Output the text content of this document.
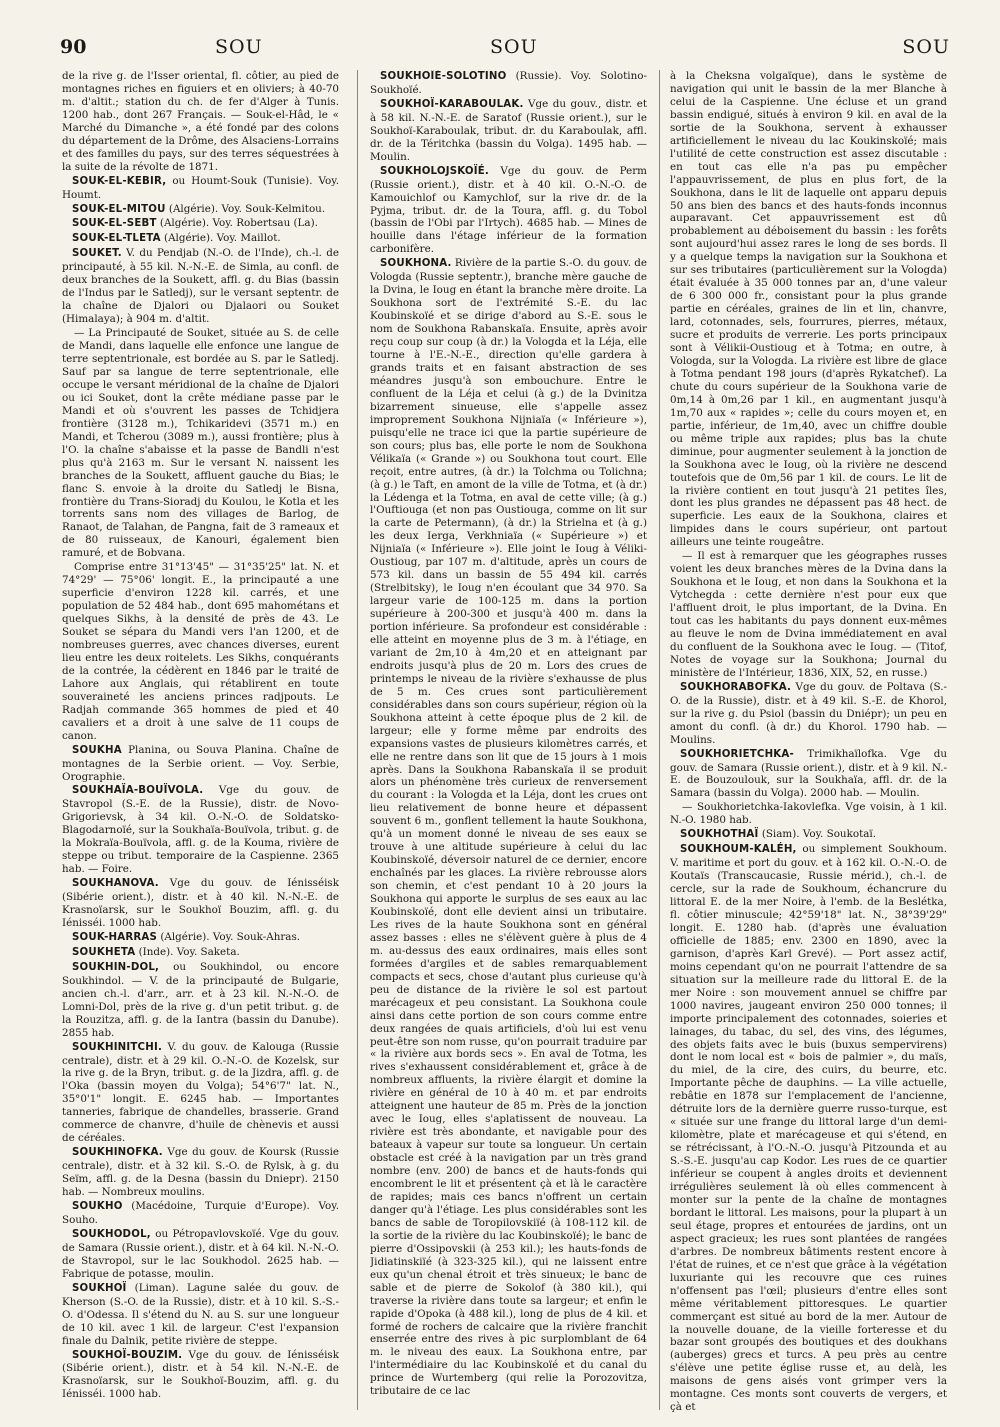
90	SOU	SOU	SOU

de la rive g. de l'Isser oriental, fl. côtier, au pied de montagnes riches en figuiers et en oliviers; à 40-70 m. d'altit.; station du ch. de fer d'Alger à Tunis. 1200 hab., dont 267 Français. — Souk-el-Hâd, le « Marché du Dimanche », a été fondé par des colons du département de la Drôme, des Alsaciens-Lorrains et des familles du pays, sur des terres séquestrées à la suite de la révolte de 1871.

SOUK-EL-KEBIR, ou Houmt-Souk (Tunisie). Voy. Houmt.

SOUK-EL-MITOU (Algérie). Voy. Souk-Kelmitou.

SOUK-EL-SEBT (Algérie). Voy. Robertsau (La).

SOUK-EL-TLETA (Algérie). Voy. Maillot.

SOUKET. V. du Pendjab (N.-O. de l'Inde), ch.-l. de principauté, à 55 kil. N.-N.-E. de Simla, au confl. de deux branches de la Soukett, affl. g. du Bias (bassin de l'Indus par le Satledj), sur le versant septentr. de la chaîne de Djalori ou Djalaori ou Souket (Himalaya); à 904 m. d'altit.

— La Principauté de Souket, située au S. de celle de Mandi, dans laquelle elle enfonce une langue de terre septentrionale, est bordée au S. par le Satledj. Sauf par sa langue de terre septentrionale, elle occupe le versant méridional de la chaîne de Djalori ou ici Souket, dont la crête médiane passe par le Mandi et où s'ouvrent les passes de Tchidjera frontière (3128 m.), Tchikaridevi (3571 m.) en Mandi, et Tcherou (3089 m.), aussi frontière; plus à l'O. la chaîne s'abaisse et la passe de Bandli n'est plus qu'à 2163 m. Sur le versant N. naissent les branches de la Soukett, affluent gauche du Bias; le flanc S. envoie à la droite du Satledj le Bisna, frontière du Trans-Sioradj du Koulou, le Kotla et les torrents sans nom des villages de Barlog, de Ranaot, de Talahan, de Pangna, fait de 3 rameaux et de 80 ruisseaux, de Kanouri, également bien ramuré, et de Bobvana.

Comprise entre 31°13'45" — 31°35'25" lat. N. et 74°29' — 75°06' longit. E., la principauté a une superficie d'environ 1228 kil. carrés, et une population de 52 484 hab., dont 695 mahométans et quelques Sikhs, à la densité de près de 43. Le Souket se sépara du Mandi vers l'an 1200, et de nombreuses guerres, avec chances diverses, eurent lieu entre les deux roitelets. Les Sikhs, conquérants de la contrée, la cédèrent en 1846 par le traité de Lahore aux Anglais, qui rétablirent en toute souveraineté les anciens princes radjpouts. Le Radjah commande 365 hommes de pied et 40 cavaliers et a droit à une salve de 11 coups de canon.

SOUKHA Planina, ou Souva Planina. Chaîne de montagnes de la Serbie orient. — Voy. Serbie, Orographie.

SOUKHAÏA-BOUÏVOLA. Vge du gouv. de Stavropol (S.-E. de la Russie), distr. de Novo-Grigorievsk, à 34 kil. O.-N.-O. de Soldatsko-Blagodarnoïé, sur la Soukhaïa-Bouïvola, tribut. g. de la Mokraïa-Bouïvola, affl. g. de la Kouma, rivière de steppe ou tribut. temporaire de la Caspienne. 2365 hab. — Foire.

SOUKHANOVA. Vge du gouv. de Iénisséisk (Sibérie orient.), distr. et à 40 kil. N.-N.-E. de Krasnoïarsk, sur le Soukhoï Bouzim, affl. g. du Iénisséi. 1000 hab.

SOUK-HARRAS (Algérie). Voy. Souk-Ahras.

SOUKHETA (Inde). Voy. Saketa.

SOUKHIN-DOL, ou Soukhindol, ou encore Soukhindol. — V. de la principauté de Bulgarie, ancien ch.-l. d'arr., arr. et à 23 kil. N.-N.-O. de Lomni-Dol, près de la rive g. d'un petit tribut. g. de la Rouzitza, affl. g. de la Iantra (bassin du Danube). 2855 hab.

SOUKHINITCHI. V. du gouv. de Kalouga (Russie centrale), distr. et à 29 kil. O.-N.-O. de Kozelsk, sur la rive g. de la Bryn, tribut. g. de la Jizdra, affl. g. de l'Oka (bassin moyen du Volga); 54°6'7" lat. N., 35°0'1" longit. E. 6245 hab. — Importantes tanneries, fabrique de chandelles, brasserie. Grand commerce de chanvre, d'huile de chènevis et aussi de céréales.

SOUKHINOFKA. Vge du gouv. de Koursk (Russie centrale), distr. et à 32 kil. S.-O. de Rylsk, à g. du Seïm, affl. g. de la Desna (bassin du Dniepr). 2150 hab. — Nombreux moulins.

SOUKHO (Macédoine, Turquie d'Europe). Voy. Souho.

SOUKHODOL, ou Pétropavlovskoïé. Vge du gouv. de Samara (Russie orient.), distr. et à 64 kil. N.-N.-O. de Stavropol, sur le lac Soukhodol. 2625 hab. — Fabrique de potasse, moulin.

SOUKHOÏ (Liman). Lagune salée du gouv. de Kherson (S.-O. de la Russie), distr. et à 10 kil. S.-S.-O. d'Odessa. Il s'étend du N. au S. sur une longueur de 10 kil. avec 1 kil. de largeur. C'est l'expansion finale du Dalnik, petite rivière de steppe.

SOUKHOÏ-BOUZIM. Vge du gouv. de Iénisséisk (Sibérie orient.), distr. et à 54 kil. N.-N.-E. de Krasnoïarsk, sur le Soukhoï-Bouzim, affl. g. du Iénisséi. 1000 hab.

SOUKHOÏÉ-SOLOTINO (Russie). Voy. Solotino-Soukhoïé.

SOUKHOÏ-KARABOULAK. Vge du gouv., distr. et à 58 kil. N.-N.-E. de Saratof (Russie orient.), sur le Soukhoï-Karaboulak, tribut. dr. du Karaboulak, affl. dr. de la Téritchka (bassin du Volga). 1495 hab. — Moulin.

SOUKHOLOJSKOÏÉ. Vge du gouv. de Perm (Russie orient.), distr. et à 40 kil. O.-N.-O. de Kamouichlof ou Kamychlof, sur la rive dr. de la Pyjma, tribut. dr. de la Toura, affl. g. du Tobol (bassin de l'Obi par l'Irtych). 4685 hab. — Mines de houille dans l'étage inférieur de la formation carbonifère.

SOUKHONA. Rivière de la partie S.-O. du gouv. de Vologda (Russie septentr.), branche mère gauche de la Dvina, le Ioug en étant la branche mère droite. La Soukhona sort de l'extrémité S.-E. du lac Koubinskoïé et se dirige d'abord au S.-E. sous le nom de Soukhona Rabanskaïa. Ensuite, après avoir reçu coup sur coup (à dr.) la Vologda et la Léja, elle tourne à l'E.-N.-E., direction qu'elle gardera à grands traits et en faisant abstraction de ses méandres jusqu'à son embouchure. Entre le confluent de la Léja et celui (à g.) de la Dvinitza bizarrement sinueuse, elle s'appelle assez improprement Soukhona Nijniaïa (« Inférieure »), puisqu'elle ne trace ici que la partie supérieure de son cours; plus bas, elle porte le nom de Soukhona Vélikaïa (« Grande ») ou Soukhona tout court. Elle reçoit, entre autres, (à dr.) la Tolchma ou Tolichna; (à g.) le Taft, en amont de la ville de Totma, et (à dr.) la Lédenga et la Totma, en aval de cette ville; (à g.) l'Ouftiouga (et non pas Oustiouga, comme on lit sur la carte de Petermann), (à dr.) la Strielna et (à g.) les deux Ierga, Verkhniaïa (« Supérieure ») et Nijniaïa (« Inférieure »). Elle joint le Ioug à Véliki-Oustioug, par 107 m. d'altitude, après un cours de 573 kil. dans un bassin de 55 494 kil. carrés (Strelbitsky), le Ioug n'en écoulant que 34 970. Sa largeur varie de 100-125 m. dans la portion supérieure à 200-300 et jusqu'à 400 m. dans la portion inférieure. Sa profondeur est considérable : elle atteint en moyenne plus de 3 m. à l'étiage, en variant de 2m,10 à 4m,20 et en atteignant par endroits jusqu'à plus de 20 m. Lors des crues de printemps le niveau de la rivière s'exhausse de plus de 5 m. Ces crues sont particulièrement considérables dans son cours supérieur, région où la Soukhona atteint à cette époque plus de 2 kil. de largeur; elle y forme même par endroits des expansions vastes de plusieurs kilomètres carrés, et elle ne rentre dans son lit que de 15 jours à 1 mois après. Dans la Soukhona Rabanskaïa il se produit alors un phénomène très curieux de renversement du courant : la Vologda et la Léja, dont les crues ont lieu relativement de bonne heure et dépassent souvent 6 m., gonflent tellement la haute Soukhona, qu'à un moment donné le niveau de ses eaux se trouve à une altitude supérieure à celui du lac Koubinskoïé, déversoir naturel de ce dernier, encore enchaînés par les glaces. La rivière rebrousse alors son chemin, et c'est pendant 10 à 20 jours la Soukhona qui apporte le surplus de ses eaux au lac Koubinskoïé, dont elle devient ainsi un tributaire. Les rives de la haute Soukhona sont en général assez basses : elles ne s'élèvent guère à plus de 4 m. au-dessus des eaux ordinaires, mais elles sont formées d'argiles et de sables remarquablement compacts et secs, chose d'autant plus curieuse qu'à peu de distance de la rivière le sol est partout marécageux et peu consistant. La Soukhona coule ainsi dans cette portion de son cours comme entre deux rangées de quais artificiels, d'où lui est venu peut-être son nom russe, qu'on pourrait traduire par « la rivière aux bords secs ». En aval de Totma, les rives s'exhaussent considérablement et, grâce à de nombreux affluents, la rivière élargit et domine la rivière en général de 10 à 40 m. et par endroits atteignent une hauteur de 85 m. Près de la jonction avec le Ioug, elles s'aplatissent de nouveau. La rivière est très abondante, et navigable pour des bateaux à vapeur sur toute sa longueur. Un certain obstacle est créé à la navigation par un très grand nombre (env. 200) de bancs et de hauts-fonds qui encombrent le lit et présentent çà et là le caractère de rapides; mais ces bancs n'offrent un certain danger qu'à l'étiage. Les plus considérables sont les bancs de sable de Toropilovskiïé (à 108-112 kil. de la sortie de la rivière du lac Koubinskoïé); le banc de pierre d'Ossipovskii (à 253 kil.); les hauts-fonds de Jidiatinskiïé (à 323-325 kil.), qui ne laissent entre eux qu'un chenal étroit et très sinueux; le banc de sable et de pierre de Sokolof (à 380 kil.), qui traverse la rivière dans toute sa largeur; et enfin le rapide d'Opoka (à 488 kil.), long de plus de 4 kil. et formé de rochers de calcaire que la rivière franchit enserrée entre des rives à pic surplomblant de 64 m. le niveau des eaux. La Soukhona entre, par l'intermédiaire du lac Koubinskoïé et du canal du prince de Wurtemberg (qui relie la Porozovitza, tributaire de ce lac

à la Cheksna volgaïque), dans le système de navigation qui unit le bassin de la mer Blanche à celui de la Caspienne. Une écluse et un grand bassin endigué, situés à environ 9 kil. en aval de la sortie de la Soukhona, servent à exhausser artificiellement le niveau du lac Koukinskoïé; mais l'utilité de cette construction est assez discutable : en tout cas elle n'a pas pu empêcher l'appauvrissement, de plus en plus fort, de la Soukhona, dans le lit de laquelle ont apparu depuis 50 ans bien des bancs et des hauts-fonds inconnus auparavant. Cet appauvrissement est dû probablement au déboisement du bassin : les forêts sont aujourd'hui assez rares le long de ses bords. Il y a quelque temps la navigation sur la Soukhona et sur ses tributaires (particulièrement sur la Vologda) était évaluée à 35 000 tonnes par an, d'une valeur de 6 300 000 fr., consistant pour la plus grande partie en céréales, graines de lin et lin, chanvre, lard, cotonnades, sels, fourrures, pierres, métaux, sucre et produits de verrerie. Les ports principaux sont à Vélikii-Oustioug et à Totma; en outre, à Vologda, sur la Vologda. La rivière est libre de glace à Totma pendant 198 jours (d'après Rykatchef). La chute du cours supérieur de la Soukhona varie de 0m,14 à 0m,26 par 1 kil., en augmentant jusqu'à 1m,70 aux « rapides »; celle du cours moyen et, en partie, inférieur, de 1m,40, avec un chiffre double ou même triple aux rapides; plus bas la chute diminue, pour augmenter seulement à la jonction de la Soukhona avec le Ioug, où la rivière ne descend toutefois que de 0m,56 par 1 kil. de cours. Le lit de la rivière contient en tout jusqu'à 21 petites îles, dont les plus grandes ne dépassent pas 48 hect. de superficie. Les eaux de la Soukhona, claires et limpides dans le cours supérieur, ont partout ailleurs une teinte rougeâtre.

— Il est à remarquer que les géographes russes voient les deux branches mères de la Dvina dans la Soukhona et le Ioug, et non dans la Soukhona et la Vytchegda : cette dernière n'est pour eux que l'affluent droit, le plus important, de la Dvina. En tout cas les habitants du pays donnent eux-mêmes au fleuve le nom de Dvina immédiatement en aval du confluent de la Soukhona avec le Ioug. — (Titof, Notes de voyage sur la Soukhona; Journal du ministère de l'Intérieur, 1836, XIX, 52, en russe.)

SOUKHORABOFKA. Vge du gouv. de Poltava (S.-O. de la Russie), distr. et à 49 kil. S.-E. de Khorol, sur la rive g. du Psiol (bassin du Dniépr); un peu en amont du confl. (à dr.) du Khorol. 1790 hab. — Moulins.

SOUKHORIETCHKA- Trimikhaïlofka. Vge du gouv. de Samara (Russie orient.), distr. et à 9 kil. N.-E. de Bouzoulouk, sur la Soukhaïa, affl. dr. de la Samara (bassin du Volga). 2000 hab. — Moulin.

— Soukhorietchka-Iakovlefka. Vge voisin, à 1 kil. N.-O. 1980 hab.

SOUKHOTHAÏ (Siam). Voy. Soukotaï.

SOUKHOUM-KALÉH, ou simplement Soukhoum. V. maritime et port du gouv. et à 162 kil. O.-N.-O. de Koutaïs (Transcaucasie, Russie mérid.), ch.-l. de cercle, sur la rade de Soukhoum, échancrure du littoral E. de la mer Noire, à l'emb. de la Beslétka, fl. côtier minuscule; 42°59'18" lat. N., 38°39'29" longit. E. 1280 hab. (d'après une évaluation officielle de 1885; env. 2300 en 1890, avec la garnison, d'après Karl Grevé). — Port assez actif, moins cependant qu'on ne pourrait l'attendre de sa situation sur la meilleure rade du littoral E. de la mer Noire : son mouvement annuel se chiffre par 1000 navires, jaugeant environ 250 000 tonnes; il importe principalement des cotonnades, soieries et lainages, du tabac, du sel, des vins, des légumes, des objets faits avec le buis (buxus sempervirens) dont le nom local est « bois de palmier », du maïs, du miel, de la cire, des cuirs, du beurre, etc. Importante pêche de dauphins. — La ville actuelle, rebâtie en 1878 sur l'emplacement de l'ancienne, détruite lors de la dernière guerre russo-turque, est « située sur une frange du littoral large d'un demi-kilomètre, plate et marécageuse et qui s'étend, en se rétrécissant, à l'O.-N.-O. jusqu'à Pitzounda et au S.-S.-E. jusqu'au cap Kodor. Les rues de ce quartier inférieur se coupent à angles droits et deviennent irrégulières seulement là où elles commencent à monter sur la pente de la chaîne de montagnes bordant le littoral. Les maisons, pour la plupart à un seul étage, propres et entourées de jardins, ont un aspect gracieux; les rues sont plantées de rangées d'arbres. De nombreux bâtiments restent encore à l'état de ruines, et ce n'est que grâce à la végétation luxuriante qui les recouvre que ces ruines n'offensent pas l'œil; plusieurs d'entre elles sont même véritablement pittoresques. Le quartier commerçant est situé au bord de la mer. Autour de la nouvelle douane, de la vieille forteresse et du bazar sont groupés des boutiques et des doukhans (auberges) grecs et turcs. A peu près au centre s'élève une petite église russe et, au delà, les maisons de gens aisés vont grimper vers la montagne. Ces monts sont couverts de vergers, et çà et
